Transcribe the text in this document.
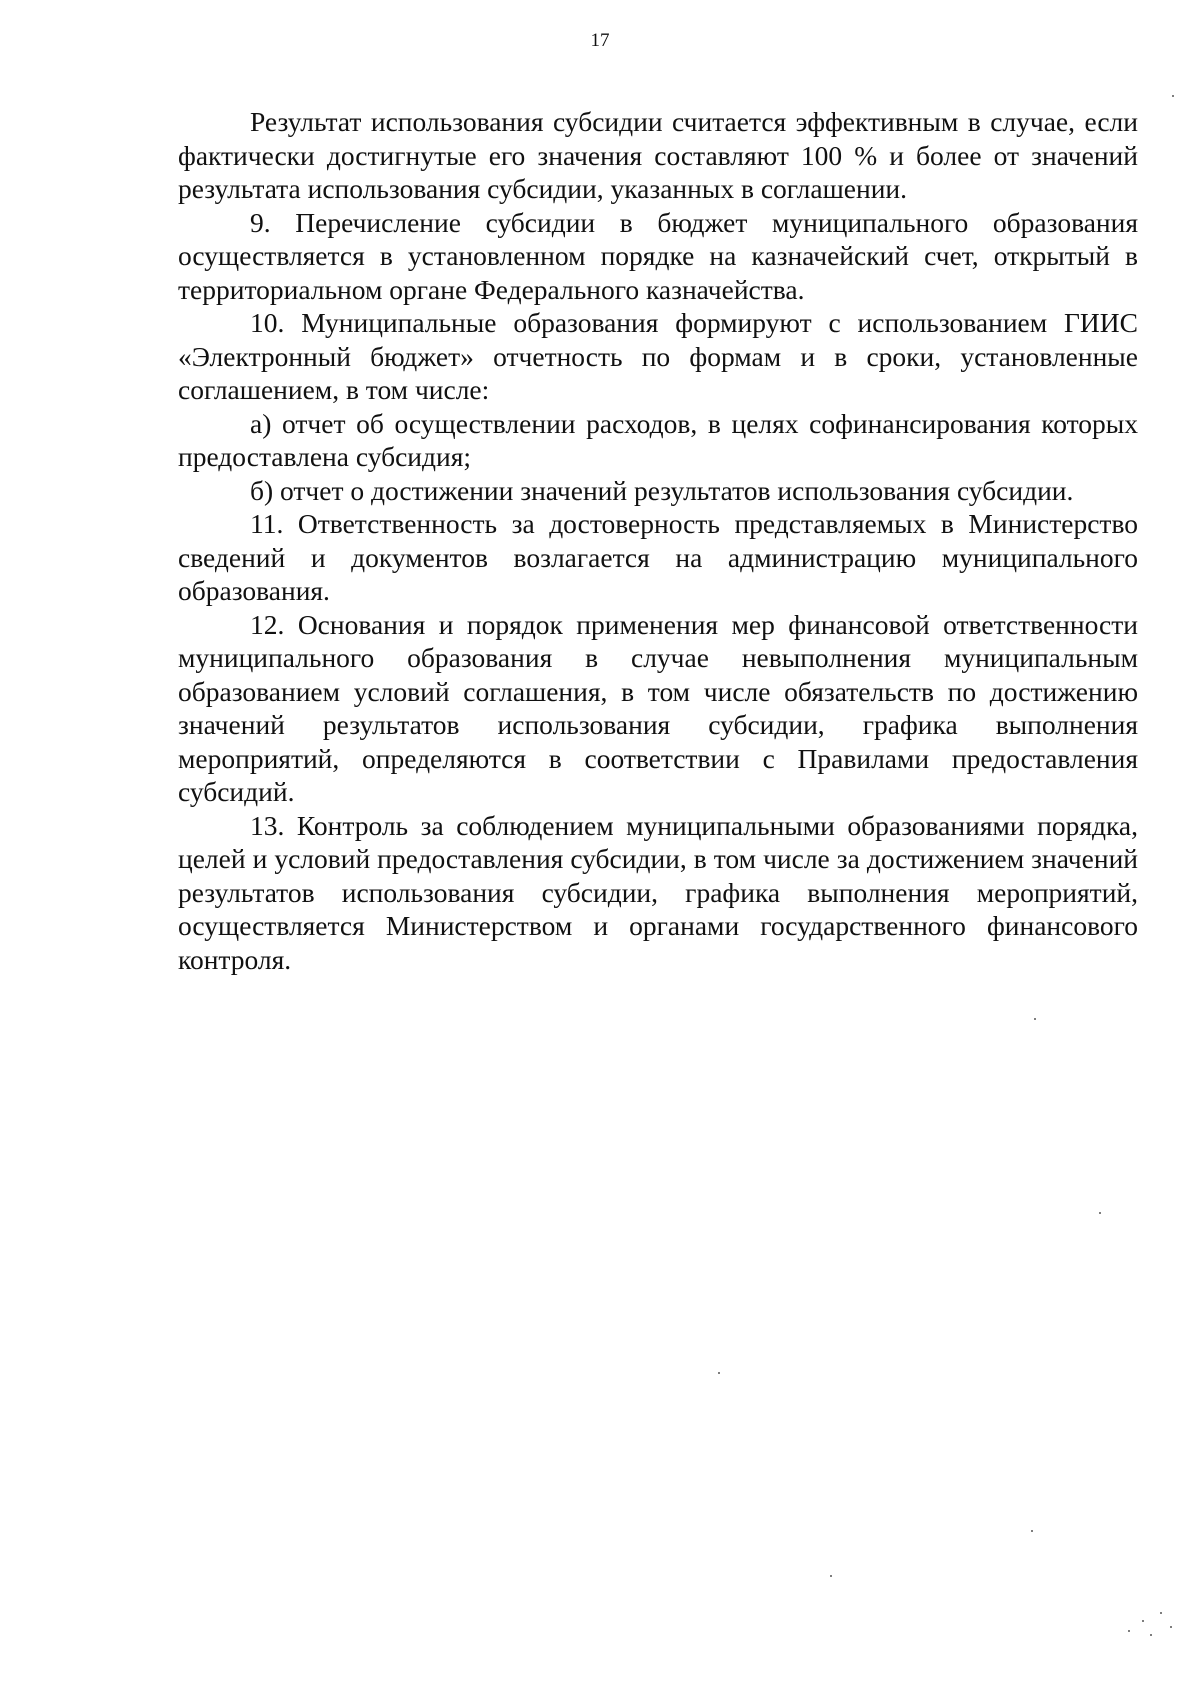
17

Результат использования субсидии считается эффективным в случае, если фактически достигнутые его значения составляют 100 % и более от значений результата использования субсидии, указанных в соглашении.

9. Перечисление субсидии в бюджет муниципального образования осуществляется в установленном порядке на казначейский счет, открытый в территориальном органе Федерального казначейства.

10. Муниципальные образования формируют с использованием ГИИС «Электронный бюджет» отчетность по формам и в сроки, установленные соглашением, в том числе:

а) отчет об осуществлении расходов, в целях софинансирования которых предоставлена субсидия;

б) отчет о достижении значений результатов использования субсидии.

11. Ответственность за достоверность представляемых в Министерство сведений и документов возлагается на администрацию муниципального образования.

12. Основания и порядок применения мер финансовой ответственности муниципального образования в случае невыполнения муниципальным образованием условий соглашения, в том числе обязательств по достижению значений результатов использования субсидии, графика выполнения мероприятий, определяются в соответствии с Правилами предоставления субсидий.

13. Контроль за соблюдением муниципальными образованиями порядка, целей и условий предоставления субсидии, в том числе за достижением значений результатов использования субсидии, графика выполнения мероприятий, осуществляется Министерством и органами государственного финансового контроля.
